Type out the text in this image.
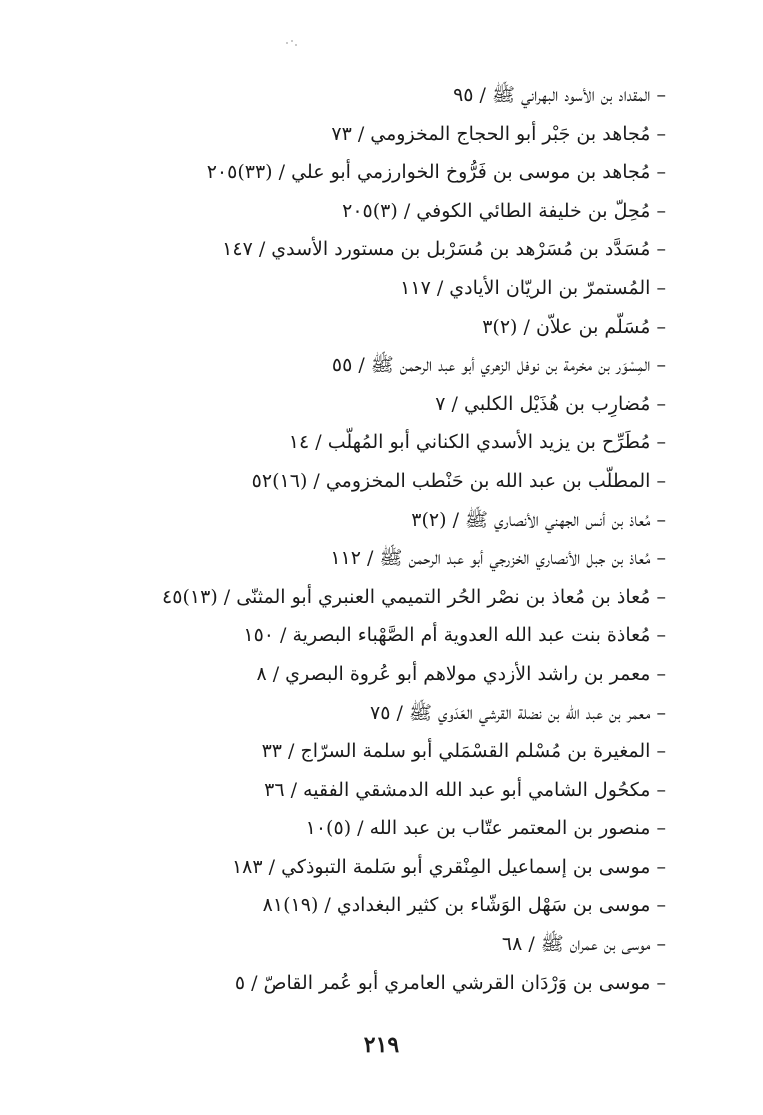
– المقداد بن الأسود البهراني ﷺ / ٩٥
– مُجاهد بن جَبْر أبو الحجاج المخزومي / ٧٣
– مُجاهد بن موسى بن فَرُّوخ الخوارزمي أبو علي / (٣٣)٢٠٥
– مُحِلّ بن خليفة الطائي الكوفي / (٣)٢٠٥
– مُسَدَّد بن مُسَرْهد بن مُسَرْبل بن مستورد الأسدي / ١٤٧
– المُستمرّ بن الريّان الأيادي / ١١٧
– مُسَلّم بن علاّن / (٢)٣
– المِسْوَر بن مخرمة بن نوفل الزهري أبو عبد الرحمن ﷺ / ٥٥
– مُضارِب بن هُذَيْل الكلبي / ٧
– مُطَرِّح بن يزيد الأسدي الكناني أبو المُهلّب / ١٤
– المطلّب بن عبد الله بن حَنْطب المخزومي / (١٦)٥٢
– مُعاذ بن أنس الجهني الأنصاري ﷺ / (٢)٣
– مُعاذ بن جبل الأنصاري الخزرجي أبو عبد الرحمن ﷺ / ١١٢
– مُعاذ بن مُعاذ بن نصْر الحُر التميمي العنبري أبو المثنّى / (١٣)٤٥
– مُعاذة بنت عبد الله العدوية أم الصَّهْباء البصرية / ١٥٠
– معمر بن راشد الأزدي مولاهم أبو عُروة البصري / ٨
– معمر بن عبد الله بن نضلة القرشي العَدَوي ﷺ / ٧٥
– المغيرة بن مُسْلم القسْمَلي أبو سلمة السرّاج / ٣٣
– مكحُول الشامي أبو عبد الله الدمشقي الفقيه / ٣٦
– منصور بن المعتمر عتّاب بن عبد الله / (٥)١٠
– موسى بن إسماعيل المِنْقري أبو سَلمة التبوذكي / ١٨٣
– موسى بن سَهْل الوَشّاء بن كثير البغدادي / (١٩)٨١
– موسى بن عمران ﷺ / ٦٨
– موسى بن وَرْدَان القرشي العامري أبو عُمر القاصّ / ٥
٢١٩
